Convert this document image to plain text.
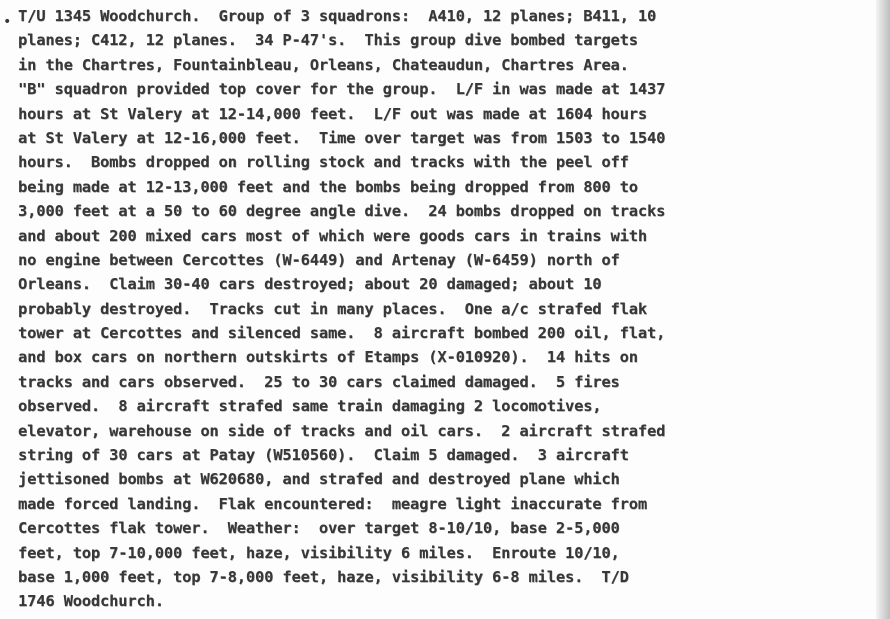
• T/U 1345 Woodchurch.  Group of 3 squadrons:  A410, 12 planes; B411, 10
planes; C412, 12 planes.  34 P-47's.  This group dive bombed targets
in the Chartres, Fountainbleau, Orleans, Chateaudun, Chartres Area.
"B" squadron provided top cover for the group.  L/F in was made at 1437
hours at St Valery at 12-14,000 feet.  L/F out was made at 1604 hours
at St Valery at 12-16,000 feet.  Time over target was from 1503 to 1540
hours.  Bombs dropped on rolling stock and tracks with the peel off
being made at 12-13,000 feet and the bombs being dropped from 800 to
3,000 feet at a 50 to 60 degree angle dive.  24 bombs dropped on tracks
and about 200 mixed cars most of which were goods cars in trains with
no engine between Cercottes (W-6449) and Artenay (W-6459) north of
Orleans.  Claim 30-40 cars destroyed; about 20 damaged; about 10
probably destroyed.  Tracks cut in many places.  One a/c strafed flak
tower at Cercottes and silenced same.  8 aircraft bombed 200 oil, flat,
and box cars on northern outskirts of Etamps (X-010920).  14 hits on
tracks and cars observed.  25 to 30 cars claimed damaged.  5 fires
observed.  8 aircraft strafed same train damaging 2 locomotives,
elevator, warehouse on side of tracks and oil cars.  2 aircraft strafed
string of 30 cars at Patay (W510560).  Claim 5 damaged.  3 aircraft
jettisoned bombs at W620680, and strafed and destroyed plane which
made forced landing.  Flak encountered:  meagre light inaccurate from
Cercottes flak tower.  Weather:  over target 8-10/10, base 2-5,000
feet, top 7-10,000 feet, haze, visibility 6 miles.  Enroute 10/10,
base 1,000 feet, top 7-8,000 feet, haze, visibility 6-8 miles.  T/D
1746 Woodchurch.
